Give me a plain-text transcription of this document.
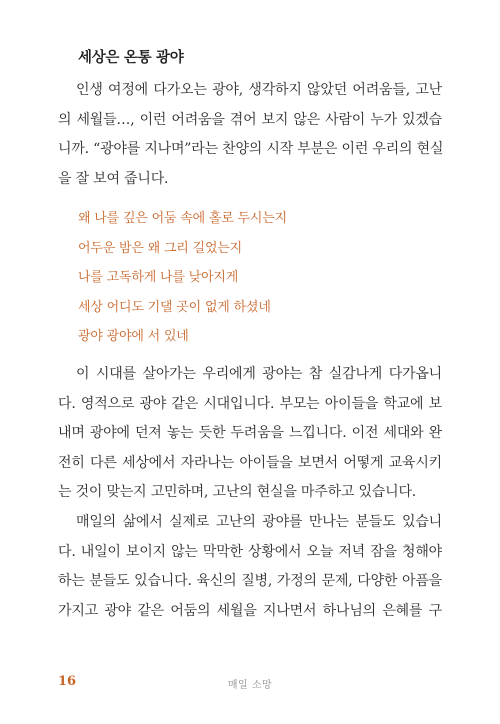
세상은 온통 광야
인생 여정에 다가오는 광야, 생각하지 않았던 어려움들, 고난
의 세월들…, 이런 어려움을 겪어 보지 않은 사람이 누가 있겠습
니까. “광야를 지나며”라는 찬양의 시작 부분은 이런 우리의 현실
을 잘 보여 줍니다.
왜 나를 깊은 어둠 속에 홀로 두시는지
어두운 밤은 왜 그리 길었는지
나를 고독하게 나를 낮아지게
세상 어디도 기댈 곳이 없게 하셨네
광야 광야에 서 있네
이 시대를 살아가는 우리에게 광야는 참 실감나게 다가옵니
다. 영적으로 광야 같은 시대입니다. 부모는 아이들을 학교에 보
내며 광야에 던져 놓는 듯한 두려움을 느낍니다. 이전 세대와 완
전히 다른 세상에서 자라나는 아이들을 보면서 어떻게 교육시키
는 것이 맞는지 고민하며, 고난의 현실을 마주하고 있습니다.
매일의 삶에서 실제로 고난의 광야를 만나는 분들도 있습니
다. 내일이 보이지 않는 막막한 상황에서 오늘 저녁 잠을 청해야
하는 분들도 있습니다. 육신의 질병, 가정의 문제, 다양한 아픔을
가지고 광야 같은 어둠의 세월을 지나면서 하나님의 은혜를 구
16	매일 소망
